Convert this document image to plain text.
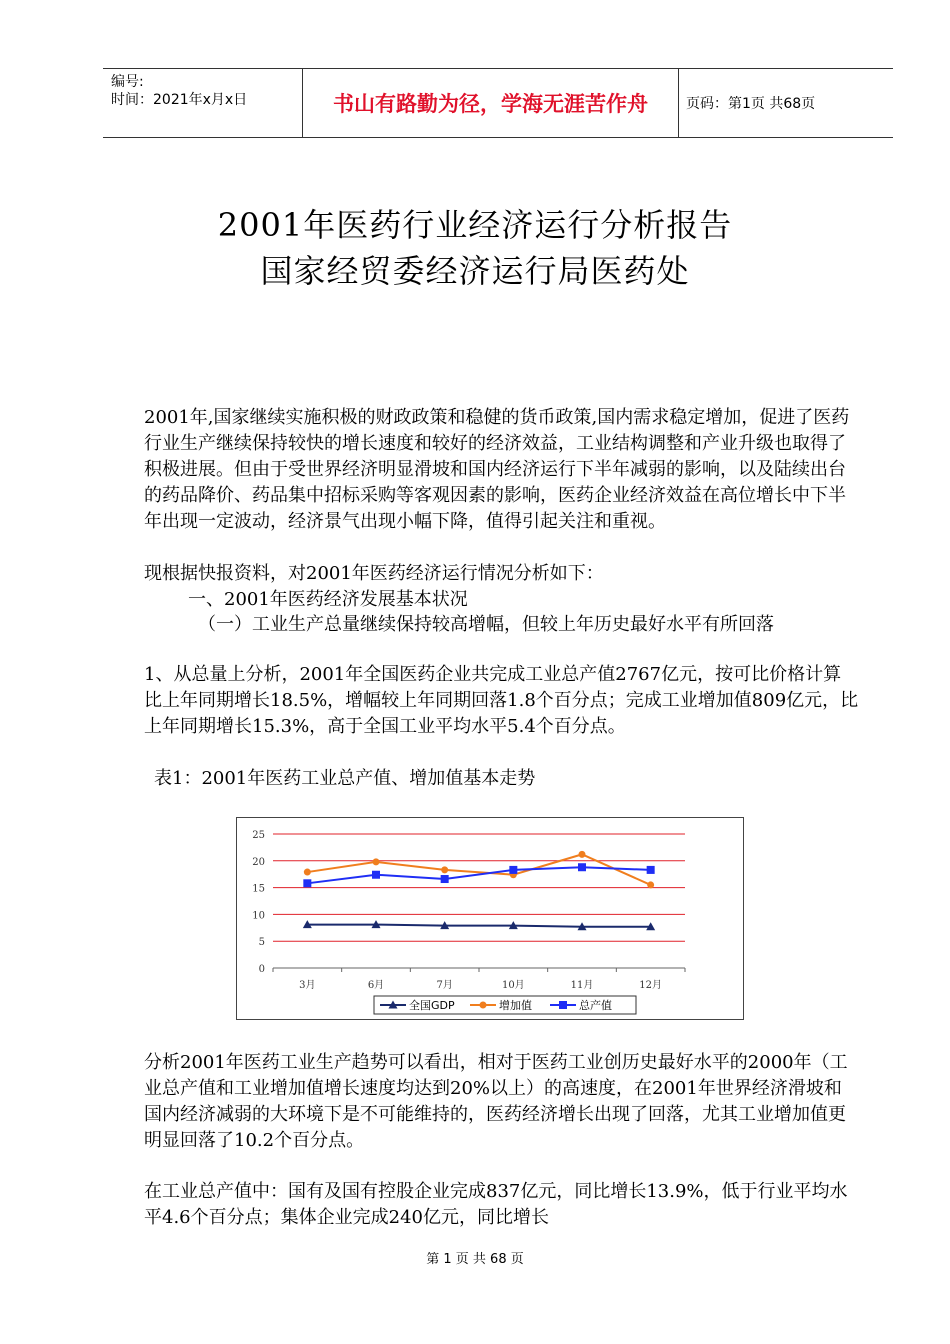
编号:
时间：2021年x月x日	书山有路勤为径，学海无涯苦作舟	页码：第1页 共68页
2001年医药行业经济运行分析报告
国家经贸委经济运行局医药处

2001年,国家继续实施积极的财政政策和稳健的货币政策,国内需求稳定增加，促进了医药行业生产继续保持较快的增长速度和较好的经济效益，工业结构调整和产业升级也取得了积极进展。但由于受世界经济明显滑坡和国内经济运行下半年减弱的影响，以及陆续出台的药品降价、药品集中招标采购等客观因素的影响，医药企业经济效益在高位增长中下半年出现一定波动，经济景气出现小幅下降，值得引起关注和重视。

现根据快报资料，对2001年医药经济运行情况分析如下：

一、2001年医药经济发展基本状况

（一）工业生产总量继续保持较高增幅，但较上年历史最好水平有所回落

1、从总量上分析，2001年全国医药企业共完成工业总产值2767亿元，按可比价格计算比上年同期增长18.5%，增幅较上年同期回落1.8个百分点；完成工业增加值809亿元，比上年同期增长15.3%，高于全国工业平均水平5.4个百分点。

表1：2001年医药工业总产值、增加值基本走势

0
5
10
15
20
25
3月	6月	7月	10月	11月	12月
全国GDP	增加值	总产值

分析2001年医药工业生产趋势可以看出，相对于医药工业创历史最好水平的2000年（工业总产值和工业增加值增长速度均达到20%以上）的高速度，在2001年世界经济滑坡和国内经济减弱的大环境下是不可能维持的，医药经济增长出现了回落，尤其工业增加值更明显回落了10.2个百分点。

在工业总产值中：国有及国有控股企业完成837亿元，同比增长13.9%，低于行业平均水平4.6个百分点；集体企业完成240亿元，同比增长

第 1 页 共 68 页
